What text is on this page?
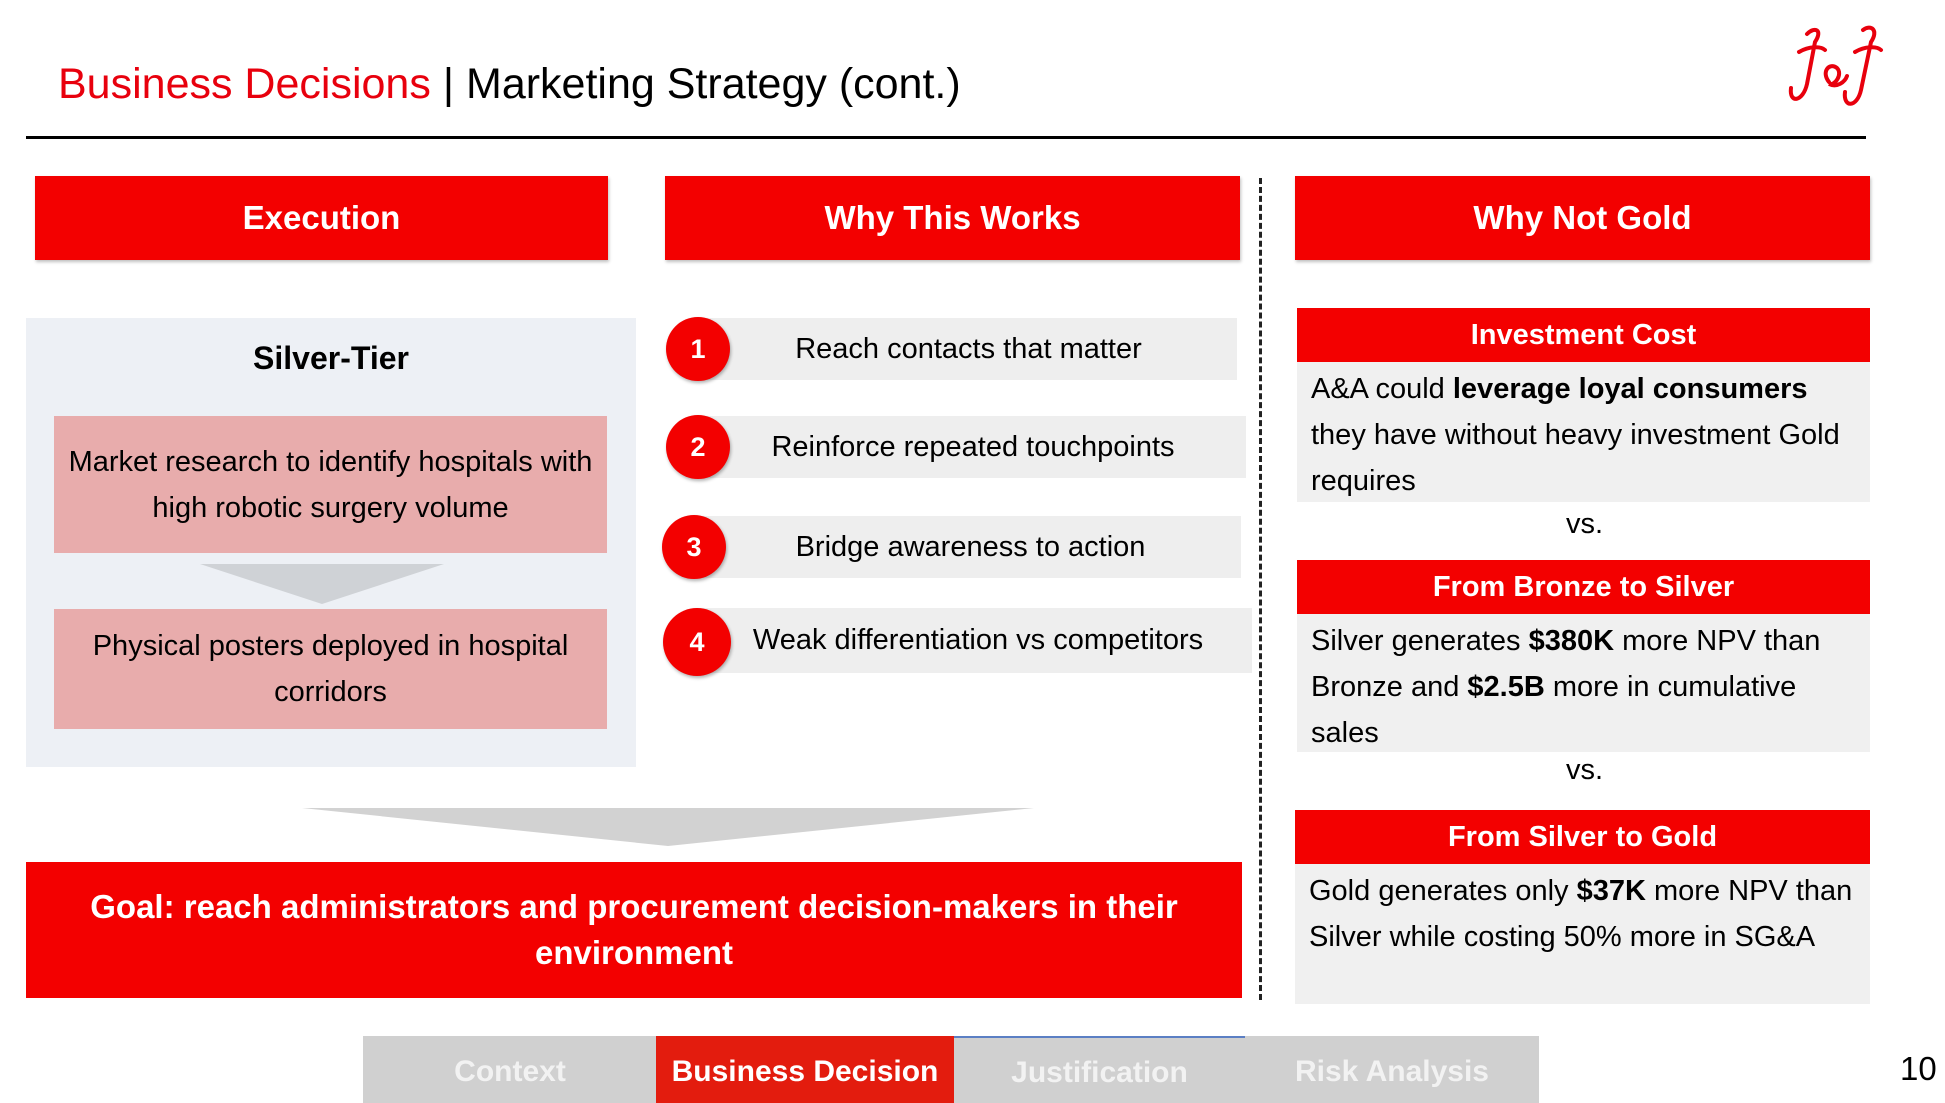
Business Decisions | Marketing Strategy (cont.)
Execution	Why This Works	Why Not Gold
Silver-Tier
Market research to identify hospitals with high robotic surgery volume
Physical posters deployed in hospital corridors
Goal: reach administrators and procurement decision-makers in their environment
Reach contacts that matter
1
Reinforce repeated touchpoints
2
Bridge awareness to action
3
Weak differentiation vs competitors
4
Investment Cost
A&A could leverage loyal consumers they have without heavy investment Gold requires
vs.
From Bronze to Silver
Silver generates $380K more NPV than Bronze and $2.5B more in cumulative sales
vs.
From Silver to Gold
Gold generates only $37K more NPV than Silver while costing 50% more in SG&A
Context	Business Decision	Justification	Risk Analysis	10
